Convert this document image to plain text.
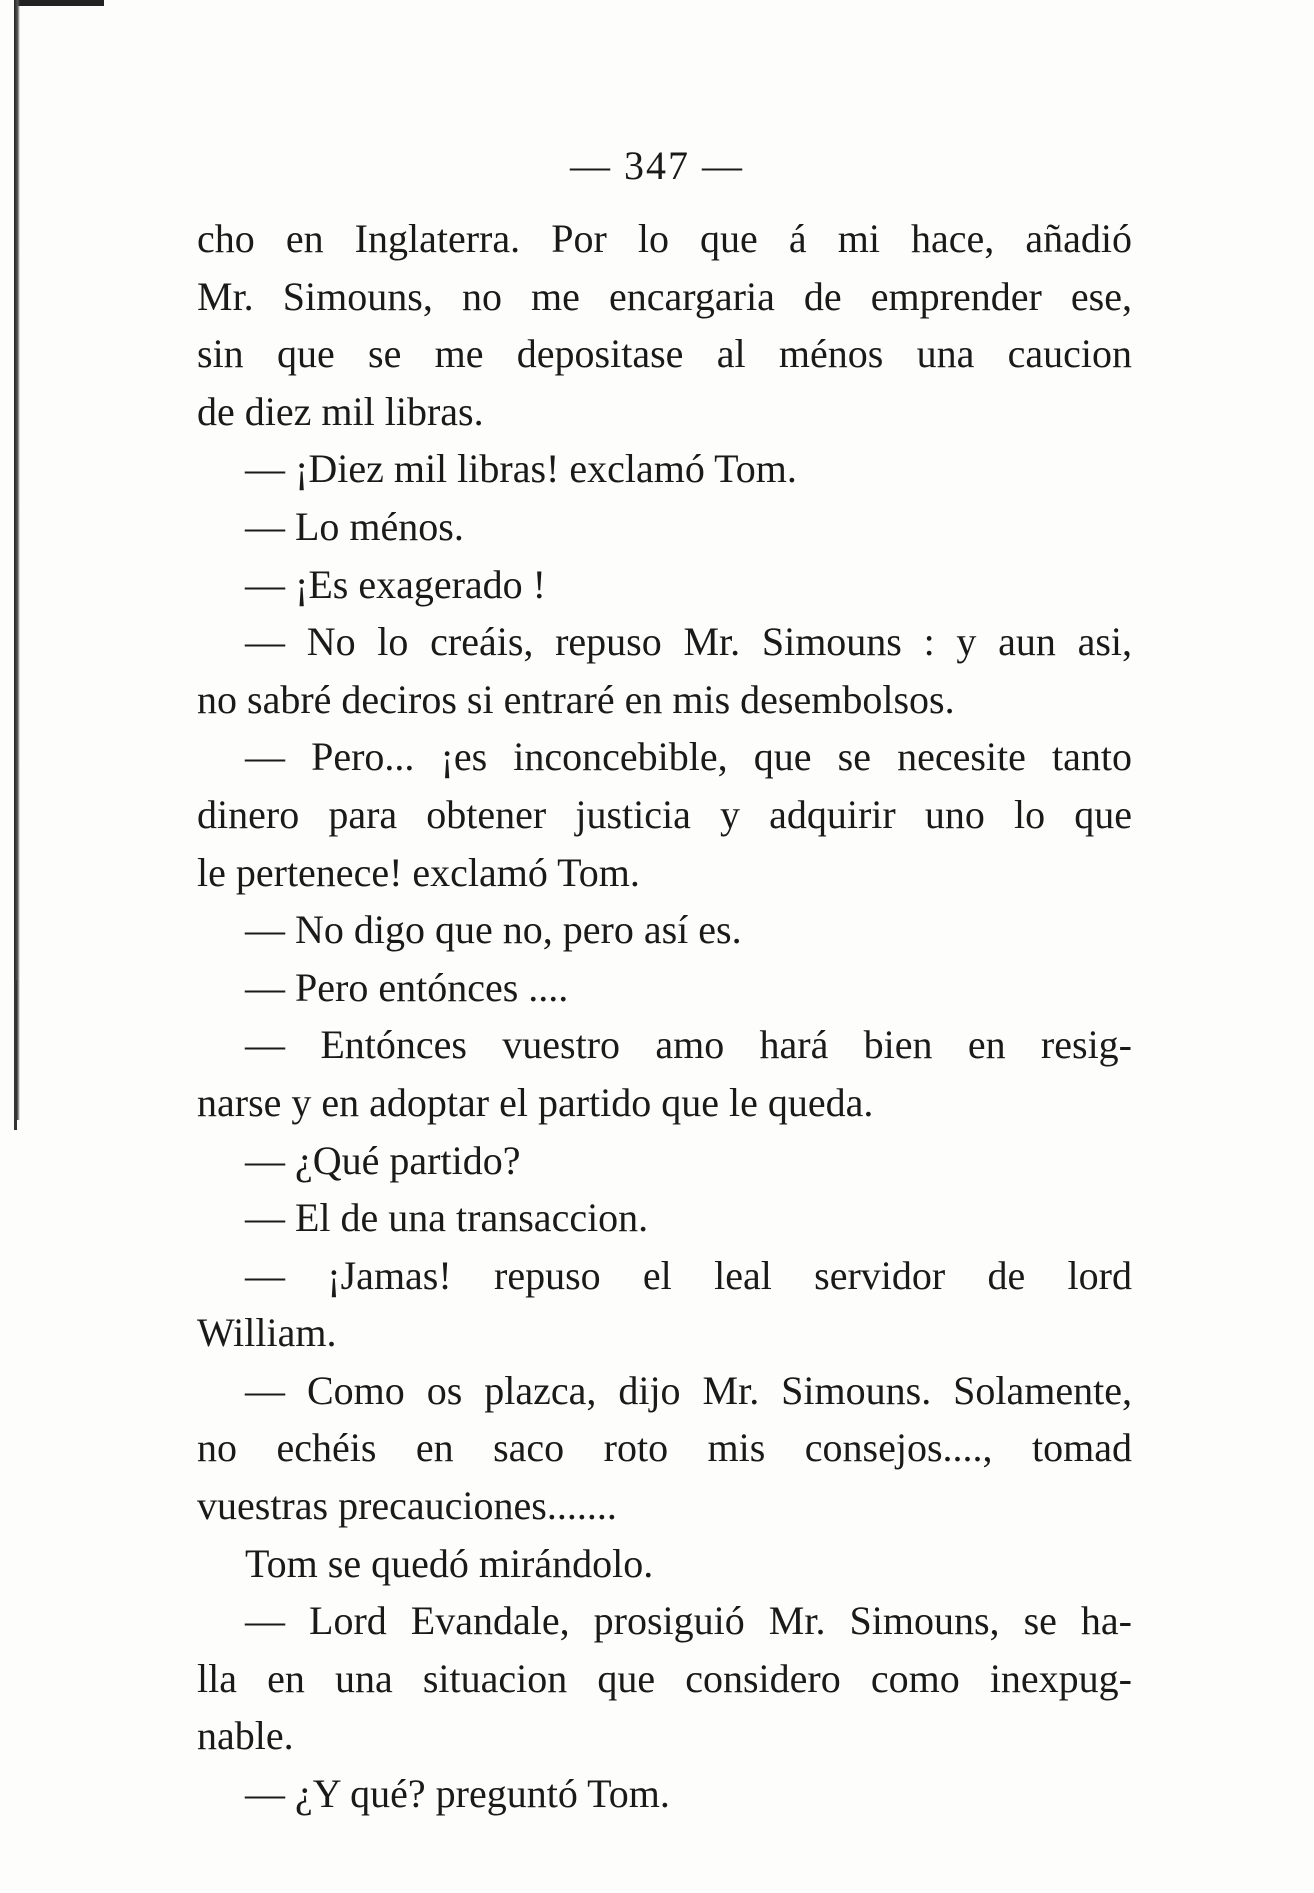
— 347 —
cho en Inglaterra. Por lo que á mi hace, añadió
Mr. Simouns, no me encargaria de emprender ese,
sin que se me depositase al ménos una caucion
de diez mil libras.
— ¡Diez mil libras! exclamó Tom.
— Lo ménos.
— ¡Es exagerado !
— No lo creáis, repuso Mr. Simouns : y aun asi,
no sabré deciros si entraré en mis desembolsos.
— Pero... ¡es inconcebible, que se necesite tanto
dinero para obtener justicia y adquirir uno lo que
le pertenece! exclamó Tom.
— No digo que no, pero así es.
— Pero entónces ....
— Entónces vuestro amo hará bien en resig-
narse y en adoptar el partido que le queda.
— ¿Qué partido?
— El de una transaccion.
— ¡Jamas! repuso el leal servidor de lord
William.
— Como os plazca, dijo Mr. Simouns. Solamente,
no echéis en saco roto mis consejos...., tomad
vuestras precauciones.......
Tom se quedó mirándolo.
— Lord Evandale, prosiguió Mr. Simouns, se ha-
lla en una situacion que considero como inexpug-
nable.
— ¿Y qué? preguntó Tom.
